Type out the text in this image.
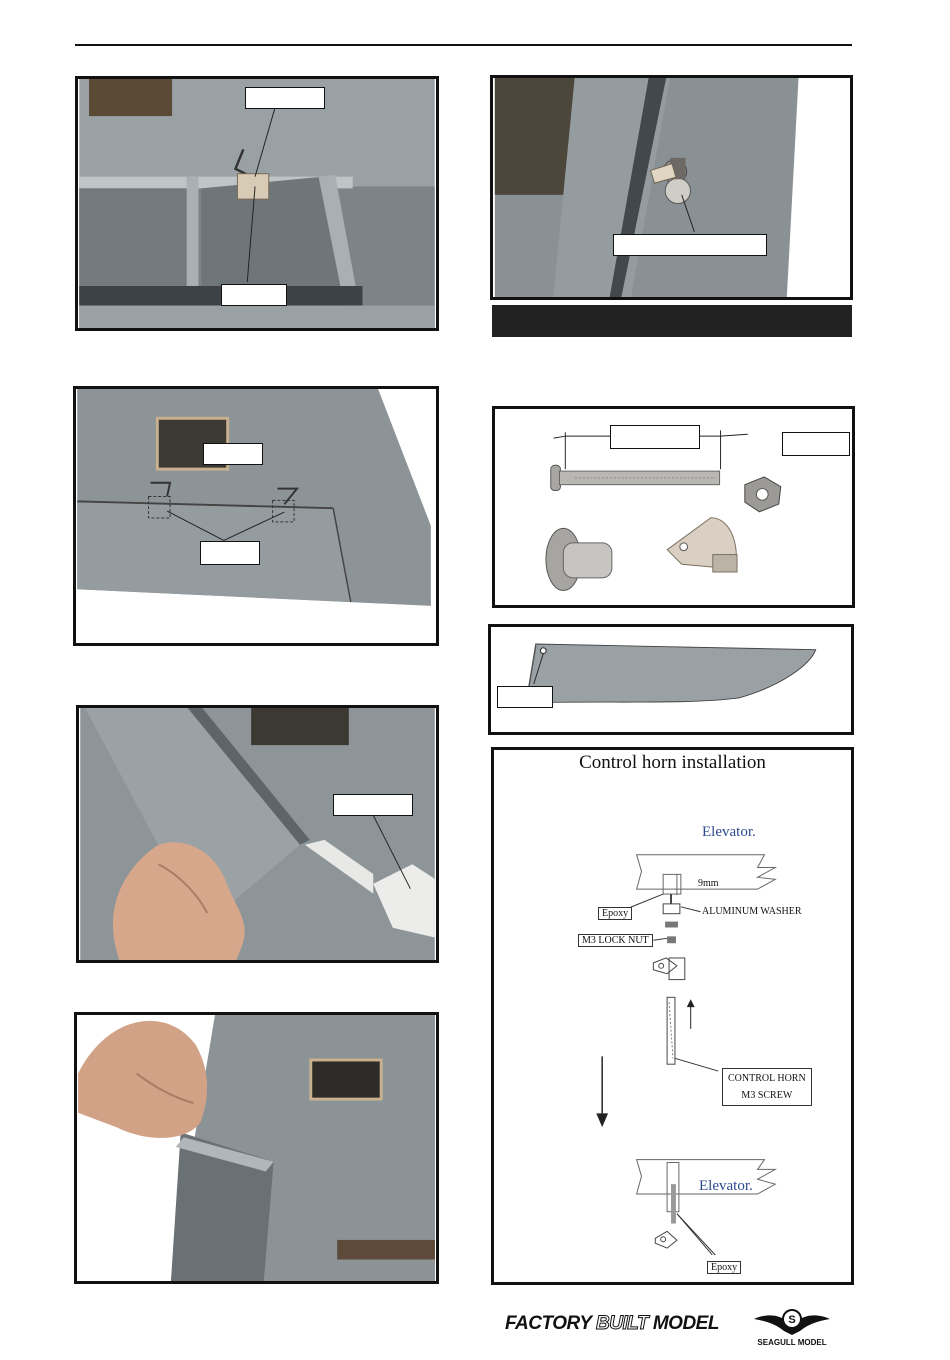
Control horn installation
Elevator.
9mm
Epoxy	ALUMINUM WASHER
M3 LOCK NUT
CONTROL HORN
M3 SCREW
Elevator.
Epoxy
FACTORY BUILT MODEL	S
SEAGULL MODEL
